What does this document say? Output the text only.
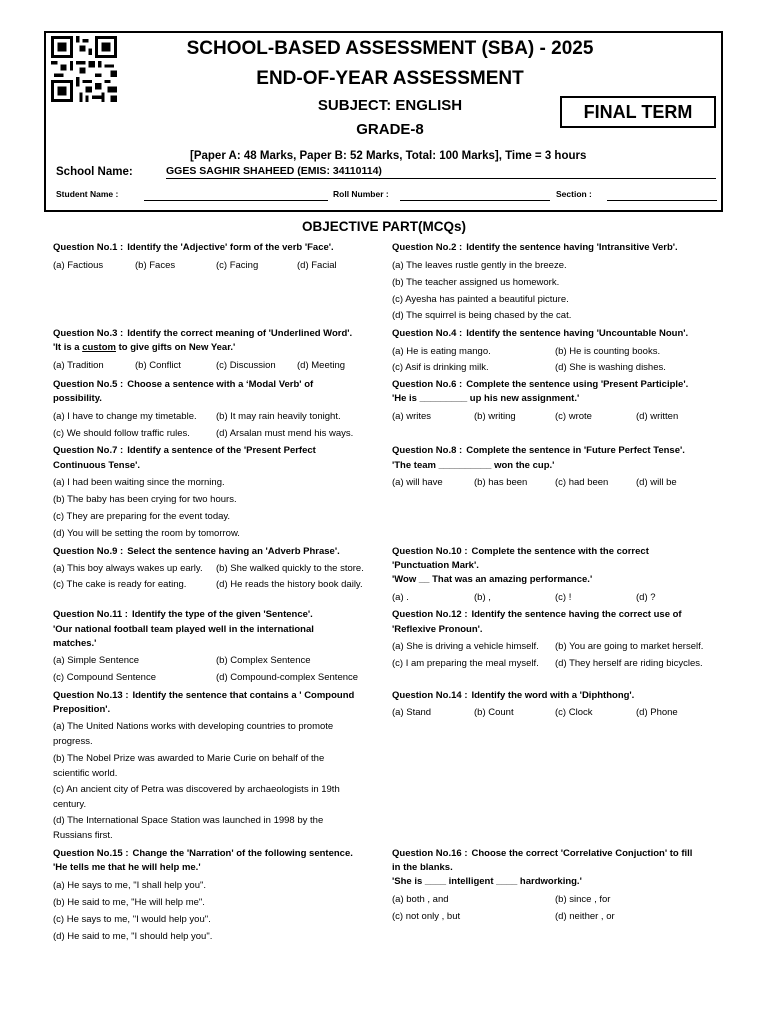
SCHOOL-BASED ASSESSMENT (SBA) - 2025
END-OF-YEAR ASSESSMENT
SUBJECT: ENGLISH
GRADE-8
FINAL TERM
[Paper A: 48 Marks, Paper B: 52 Marks, Total: 100 Marks], Time = 3 hours
School Name:	GGES SAGHIR SHAHEED (EMIS: 34110114)
Student Name :	Roll Number :	Section :
OBJECTIVE PART(MCQs)
Question No.1 : Identify the 'Adjective' form of the verb 'Face'.
(a) Factious	(b) Faces	(c) Facing	(d) Facial
Question No.2 : Identify the sentence having 'Intransitive Verb'.
(a) The leaves rustle gently in the breeze.
(b) The teacher assigned us homework.
(c) Ayesha has painted a beautiful picture.
(d) The squirrel is being chased by the cat.
Question No.3 : Identify the correct meaning of 'Underlined Word'.
'It is a custom to give gifts on New Year.'
(a) Tradition	(b) Conflict	(c) Discussion (d) Meeting
Question No.4 : Identify the sentence having 'Uncountable Noun'.
(a) He is eating mango.	(b) He is counting books.
(c) Asif is drinking milk.	(d) She is washing dishes.
Question No.5 : Choose a sentence with a ‘Modal Verb' of
possibility.
(a) I have to change my timetable. (b) It may rain heavily tonight.
(c) We should follow traffic rules.	(d) Arsalan must mend his ways.
Question No.6 : Complete the sentence using 'Present Participle'.
'He is _________ up his new assignment.'
(a) writes	(b) writing	(c) wrote	(d) written
Question No.7 : Identify a sentence of the 'Present Perfect
Continuous Tense'.
(a) I had been waiting since the morning.
(b) The baby has been crying for two hours.
(c) They are preparing for the event today.
(d) You will be setting the room by tomorrow.
Question No.8 : Complete the sentence in 'Future Perfect Tense'.
'The team __________ won the cup.'
(a) will have	(b) has been	(c) had been	(d) will be
Question No.9 : Select the sentence having an 'Adverb Phrase'.
(a) This boy always wakes up early. (b) She walked quickly to the store.
(c) The cake is ready for eating.	(d) He reads the history book daily.
Question No.10 : Complete the sentence with the correct
'Punctuation Mark'.
'Wow __ That was an amazing performance.'
(a) .	(b) ,	(c) !	(d) ?
Question No.11 : Identify the type of the given 'Sentence'.
'Our national football team played well in the international
matches.'
(a) Simple Sentence	(b) Complex Sentence
(c) Compound Sentence	(d) Compound-complex Sentence
Question No.12 : Identify the sentence having the correct use of
'Reflexive Pronoun'.
(a) She is driving a vehicle himself. (b) You are going to market herself.
(c) I am preparing the meal myself. (d) They herself are riding bicycles.
Question No.13 : Identify the sentence that contains a ' Compound
Preposition'.
(a) The United Nations works with developing countries to promote
progress.
(b) The Nobel Prize was awarded to Marie Curie on behalf of the
scientific world.
(c) An ancient city of Petra was discovered by archaeologists in 19th
century.
(d) The International Space Station was launched in 1998 by the
Russians first.
Question No.14 : Identify the word with a 'Diphthong'.
(a) Stand	(b) Count	(c) Clock	(d) Phone
Question No.15 : Change the 'Narration' of the following sentence.
'He tells me that he will help me.'
(a) He says to me, "I shall help you".
(b) He said to me, "He will help me".
(c) He says to me, "I would help you".
(d) He said to me, "I should help you".
Question No.16 : Choose the correct 'Correlative Conjuction' to fill
in the blanks.
'She is ____ intelligent ____ hardworking.'
(a) both , and	(b) since , for
(c) not only , but	(d) neither , or
